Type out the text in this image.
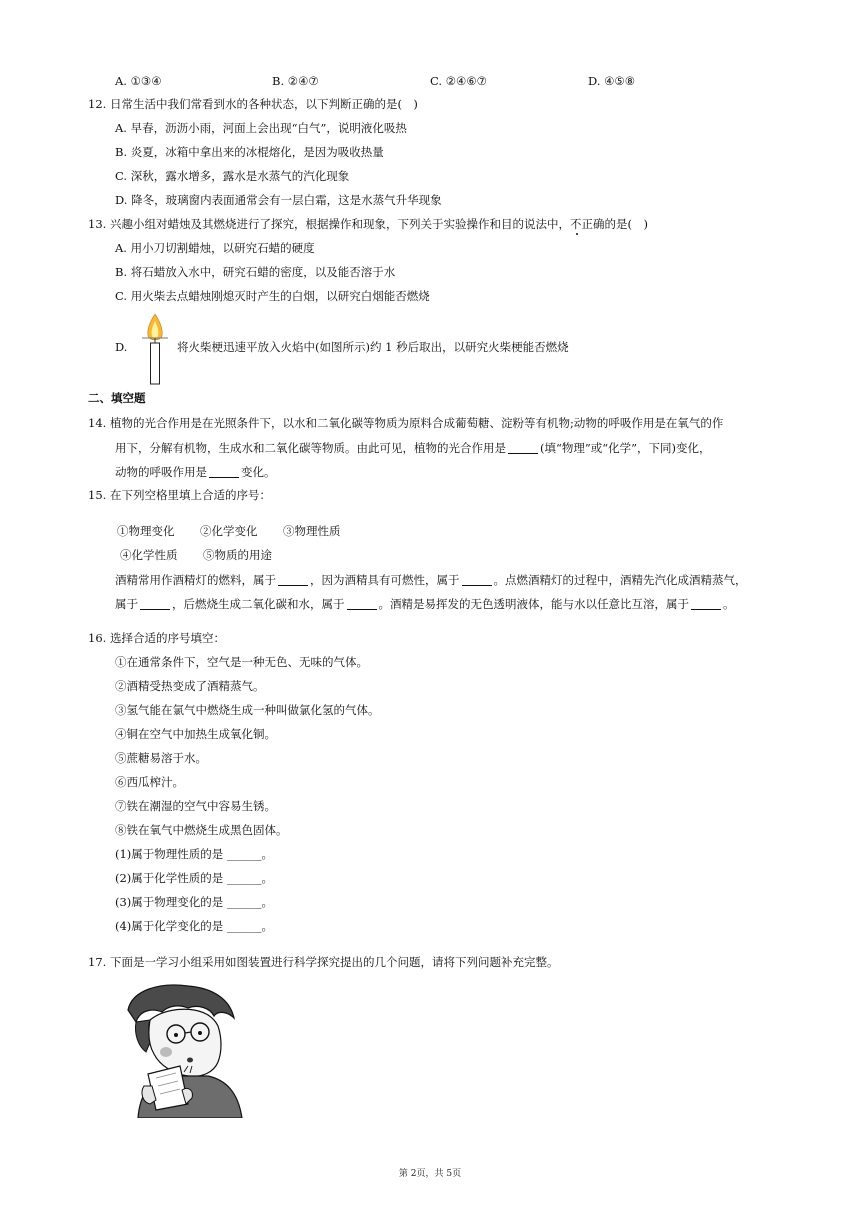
A. ①③④	B. ②④⑦	C. ②④⑥⑦	D. ④⑤⑧
12. 日常生活中我们常看到水的各种状态，以下判断正确的是(　)
A. 早春，沥沥小雨，河面上会出现“白气”，说明液化吸热
B. 炎夏，冰箱中拿出来的冰棍熔化，是因为吸收热量
C. 深秋，露水增多，露水是水蒸气的汽化现象
D. 降冬，玻璃窗内表面通常会有一层白霜，这是水蒸气升华现象
13. 兴趣小组对蜡烛及其燃烧进行了探究，根据操作和现象，下列关于实验操作和目的说法中，不正确的是(　)
A. 用小刀切割蜡烛，以研究石蜡的硬度
B. 将石蜡放入水中，研究石蜡的密度，以及能否溶于水
C. 用火柴去点蜡烛刚熄灭时产生的白烟，以研究白烟能否燃烧
D.	将火柴梗迅速平放入火焰中(如图所示)约 1 秒后取出，以研究火柴梗能否燃烧
二、填空题
14. 植物的光合作用是在光照条件下，以水和二氧化碳等物质为原料合成葡萄糖、淀粉等有机物;动物的呼吸作用是在氧气的作
用下，分解有机物，生成水和二氧化碳等物质。由此可见，植物的光合作用是	(填“物理”或“化学”，下同)变化，
动物的呼吸作用是	变化。
15. 在下列空格里填上合适的序号：
①物理变化 ②化学变化 ③物理性质
④化学性质 ⑤物质的用途
酒精常用作酒精灯的燃料，属于	，因为酒精具有可燃性，属于	。点燃酒精灯的过程中，酒精先汽化成酒精蒸气，
属于	，后燃烧生成二氧化碳和水，属于	。酒精是易挥发的无色透明液体，能与水以任意比互溶，属于	。
16. 选择合适的序号填空：
①在通常条件下，空气是一种无色、无味的气体。
②酒精受热变成了酒精蒸气。
③氢气能在氯气中燃烧生成一种叫做氯化氢的气体。
④铜在空气中加热生成氧化铜。
⑤蔗糖易溶于水。
⑥西瓜榨汁。
⑦铁在潮湿的空气中容易生锈。
⑧铁在氧气中燃烧生成黑色固体。
(1)属于物理性质的是 ______。
(2)属于化学性质的是 ______。
(3)属于物理变化的是 ______。
(4)属于化学变化的是 ______。
17. 下面是一学习小组采用如图装置进行科学探究提出的几个问题，请将下列问题补充完整。
第 2页，共 5页
